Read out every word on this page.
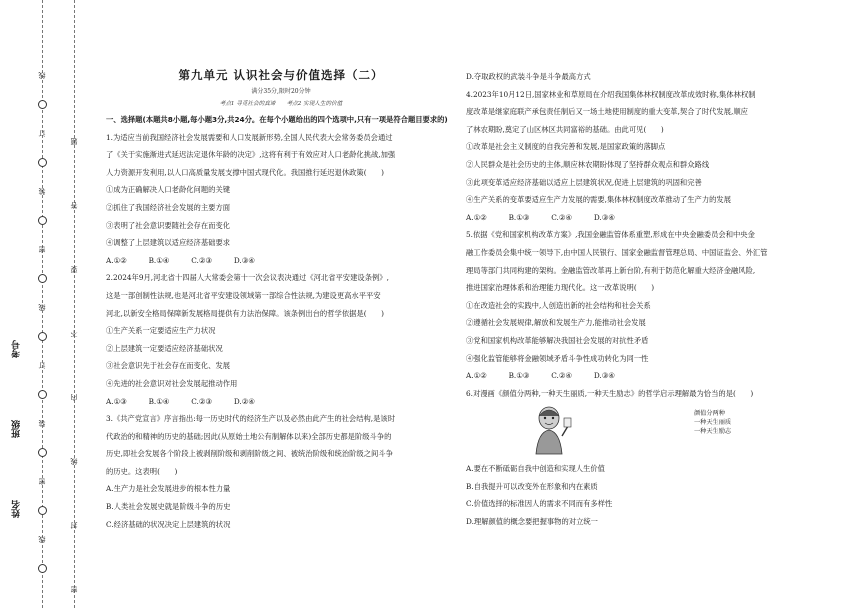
线
订
装
密
线
订
装
密
线
题
答
要
不
内
线
封
密
姓名
班级
考号
第九单元 认识社会与价值选择（二）
满分35分,限时20分钟
考点1 寻觅社会的真谛　　考点2 实现人生的价值

一、选择题(本题共8小题,每小题3分,共24分。在每个小题给出的四个选项中,只有一项是符合题目要求的)

1.为适应当前我国经济社会发展需要和人口发展新形势,全国人民代表大会常务委员会通过

了《关于实施渐进式延迟法定退休年龄的决定》,这将有利于有效应对人口老龄化挑战,加强

人力资源开发利用,以人口高质量发展支撑中国式现代化。我国推行延迟退休政策(　　)

①成为正确解决人口老龄化问题的关键

②抓住了我国经济社会发展的主要方面

③表明了社会意识要随社会存在而变化

④调整了上层建筑以适应经济基础要求

A.①②　　　B.①④　　　C.②③　　　D.③④

2.2024年9月,河北省十四届人大常委会第十一次会议表决通过《河北省平安建设条例》,

这是一部创制性法规,也是河北省平安建设领域第一部综合性法规,为建设更高水平平安

河北,以新安全格局保障新发展格局提供有力法治保障。该条例出台的哲学依据是(　　)

①生产关系一定要适应生产力状况

②上层建筑一定要适应经济基础状况

③社会意识先于社会存在而变化、发展

④先进的社会意识对社会发展起推动作用

A.①③　　　B.①④　　　C.②③　　　D.②④

3.《共产党宣言》序言指出:每一历史时代的经济生产以及必然由此产生的社会结构,是该时

代政治的和精神的历史的基础;因此(从原始土地公有制解体以来)全部历史都是阶级斗争的

历史,即社会发展各个阶段上被剥削阶级和剥削阶级之间、被统治阶级和统治阶级之间斗争

的历史。这表明(　　)

A.生产力是社会发展进步的根本性力量

B.人类社会发展史就是阶级斗争的历史

C.经济基础的状况决定上层建筑的状况

D.夺取政权的武装斗争是斗争最高方式

4.2023年10月12日,国家林业和草原局在介绍我国集体林权制度改革成效时称,集体林权制

度改革是继家庭联产承包责任制后又一场土地使用制度的重大变革,契合了时代发展,顺应

了林农期盼,奠定了山区林区共同富裕的基础。由此可见(　　)

①改革是社会主义制度的自我完善和发展,是国家政策的落脚点

②人民群众是社会历史的主体,顺应林农期盼体现了坚持群众观点和群众路线

③此项变革适应经济基础以适应上层建筑状况,促进上层建筑的巩固和完善

④生产关系的变革要适应生产力发展的需要,集体林权制度改革推动了生产力的发展

A.①②　　　B.①③　　　C.②④　　　D.③④

5.依据《党和国家机构改革方案》,我国金融监管体系重塑,形成在中央金融委员会和中央金

融工作委员会集中统一领导下,由中国人民银行、国家金融监督管理总局、中国证监会、外汇管

理局等部门共同构建的架构。金融监管改革再上新台阶,有利于防范化解重大经济金融风险,

推进国家治理体系和治理能力现代化。这一改革说明(　　)

①在改造社会的实践中,人创造出新的社会结构和社会关系

②遵循社会发展规律,解放和发展生产力,能推动社会发展

③党和国家机构改革能够解决我国社会发展的对抗性矛盾

④强化监管能够将金融领域矛盾斗争性成功转化为同一性

A.①②　　　B.①③　　　C.②④　　　D.③④

6.对漫画《颜值分两种,一种天生丽质,一种天生励志》的哲学启示理解最为恰当的是(　　)

颜值分两种
一种天生丽质
一种天生励志

A.要在不断砥砺自我中创造和实现人生价值

B.自我提升可以改变外在形象和内在素质

C.价值选择的标准因人的需求不同而有多样性

D.理解颜值的概念要把握事物的对立统一
